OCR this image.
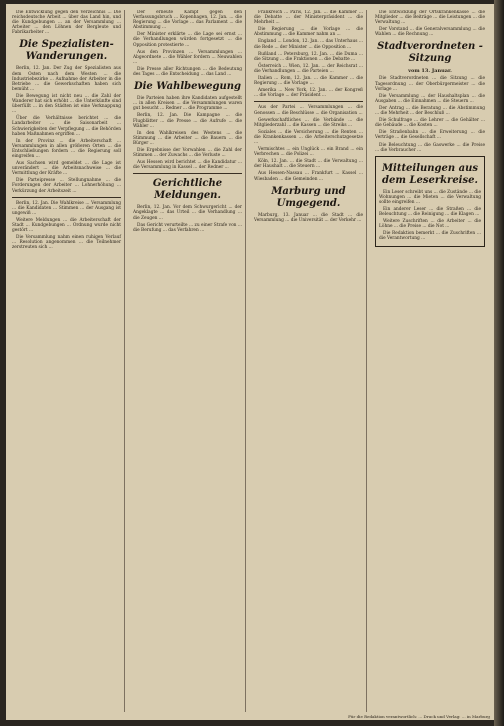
Die Entwicklung gegen den Verzeichnis ... Die reichsdeutsche Arbeit ... über das Land hin, und die Kundgebungen ... an der Versammlung ... Arbeiter ... den Löhnen der Bergleute und Fabrikarbeiter ...

Die Spezialisten-Wanderungen.

Berlin, 12. Jan. Der Zug der Spezialisten aus dem Osten nach dem Westen ... die Industriebezirke ... Aufnahme der Arbeiter in die Betriebe ... die Gewerkschaften haben sich bemüht ...

Die Bewegung ist nicht neu ... die Zahl der Wanderer hat sich erhöht ... die Unterkünfte sind überfüllt ... in den Städten ist eine Verknappung ...

Über die Verhältnisse berichtet ... die Landarbeiter ... die Saisonarbeit ... Schwierigkeiten der Verpflegung ... die Behörden haben Maßnahmen ergriffen ...

In der Provinz ... die Arbeiterschaft ... Versammlungen in allen größeren Orten ... die Entschließungen fordern ... die Regierung soll eingreifen ...

Aus Sachsen wird gemeldet ... die Lage ist unverändert ... die Arbeitsnachweise ... die Vermittlung der Kräfte ...

Die Parteipresse ... Stellungnahme ... die Forderungen der Arbeiter ... Lohnerhöhung ... Verkürzung der Arbeitszeit ...

Berlin, 12. Jan. Die Wahlkreise ... Versammlung ... die Kandidaten ... Stimmen ... der Ausgang ist ungewiß ...

Weitere Meldungen ... die Arbeiterschaft der Stadt ... Kundgebungen ... Ordnung wurde nicht gestört ...

Die Versammlung nahm einen ruhigen Verlauf ... Resolution angenommen ... die Teilnehmer zerstreuten sich ...

Der erneute Kampf gegen den Verfassungsbruch ... Kopenhagen, 12. Jan. ... die Regierung ... die Vorlage ... das Parlament ... die Abstimmung ...

Der Minister erklärte ... die Lage sei ernst ... die Verhandlungen würden fortgesetzt ... die Opposition protestierte ...

Aus den Provinzen ... Versammlungen ... Abgeordnete ... die Wähler fordern ... Neuwahlen ...

Die Presse aller Richtungen ... die Bedeutung des Tages ... die Entscheidung ... das Land ...

Die Wahlbewegung

Die Parteien haben ihre Kandidaten aufgestellt ... in allen Kreisen ... die Versammlungen waren gut besucht ... Redner ... die Programme ...

Berlin, 12. Jan. Die Kampagne ... die Flugblätter ... die Presse ... die Aufrufe ... die Wähler ...

In den Wahlkreisen des Westens ... die Stimmung ... die Arbeiter ... die Bauern ... die Bürger ...

Die Ergebnisse der Vorwahlen ... die Zahl der Stimmen ... der Zuwachs ... die Verluste ...

Aus Hessen wird berichtet ... die Kandidatur ... die Versammlung in Kassel ... der Redner ...

Gerichtliche Meldungen.

Berlin, 12. Jan. Vor dem Schwurgericht ... der Angeklagte ... das Urteil ... die Verhandlung ... die Zeugen ...

Das Gericht verurteilte ... zu einer Strafe von ... die Berufung ... das Verfahren ...

Frankreich ... Paris, 12. Jan. ... die Kammer ... die Debatte ... der Ministerpräsident ... die Mehrheit ...

Die Regierung ... die Vorlage ... die Abstimmung ... die Kammer nahm an ...

England ... London, 12. Jan. ... das Unterhaus ... die Rede ... der Minister ... die Opposition ...

Rußland ... Petersburg, 12. Jan. ... die Duma ... die Sitzung ... die Fraktionen ... die Debatte ...

Österreich ... Wien, 12. Jan. ... der Reichsrat ... die Verhandlungen ... die Parteien ...

Italien ... Rom, 12. Jan. ... die Kammer ... die Regierung ... die Vorlage ...

Amerika ... New York, 12. Jan. ... der Kongreß ... die Vorlage ... der Präsident ...

Aus der Partei ... Versammlungen ... die Genossen ... die Beschlüsse ... die Organisation ...

Gewerkschaftliches ... die Verbände ... die Mitgliederzahl ... die Kassen ... die Streiks ...

Soziales ... die Versicherung ... die Renten ... die Krankenkassen ... die Arbeiterschutzgesetze ...

Vermischtes ... ein Unglück ... ein Brand ... ein Verbrechen ... die Polizei ...

Köln, 12. Jan. ... die Stadt ... die Verwaltung ... der Haushalt ... die Steuern ...

Aus Hessen-Nassau ... Frankfurt ... Kassel ... Wiesbaden ... die Gemeinden ...

Marburg und Umgegend.

Marburg, 13. Januar ... die Stadt ... die Versammlung ... die Universität ... der Verkehr ...

Die Entwicklung der Ortskrankenkasse ... die Mitglieder ... die Beiträge ... die Leistungen ... die Verwaltung ...

Der Vorstand ... die Generalversammlung ... die Wahlen ... die Rechnung ...

Stadtverordneten - Sitzung
vom 13. Januar.

Die Stadtverordneten ... die Sitzung ... die Tagesordnung ... der Oberbürgermeister ... die Vorlage ...

Die Versammlung ... der Haushaltsplan ... die Ausgaben ... die Einnahmen ... die Steuern ...

Der Antrag ... die Beratung ... die Abstimmung ... die Mehrheit ... der Beschluß ...

Die Schulfrage ... die Lehrer ... die Gehälter ... die Gebäude ... die Kosten ...

Die Straßenbahn ... die Erweiterung ... die Verträge ... die Gesellschaft ...

Die Beleuchtung ... die Gaswerke ... die Preise ... die Verbraucher ...

Mitteilungen aus dem Leserkreise.

Ein Leser schreibt uns ... die Zustände ... die Wohnungen ... die Mieten ... die Verwaltung sollte eingreifen ...

Ein anderer Leser ... die Straßen ... die Beleuchtung ... die Reinigung ... die Klagen ...

Weitere Zuschriften ... die Arbeiter ... die Löhne ... die Preise ... die Not ...

Die Redaktion bemerkt ... die Zuschriften ... die Verantwortung ...

Für die Redaktion verantwortlich: ... Druck und Verlag: ... in Marburg
